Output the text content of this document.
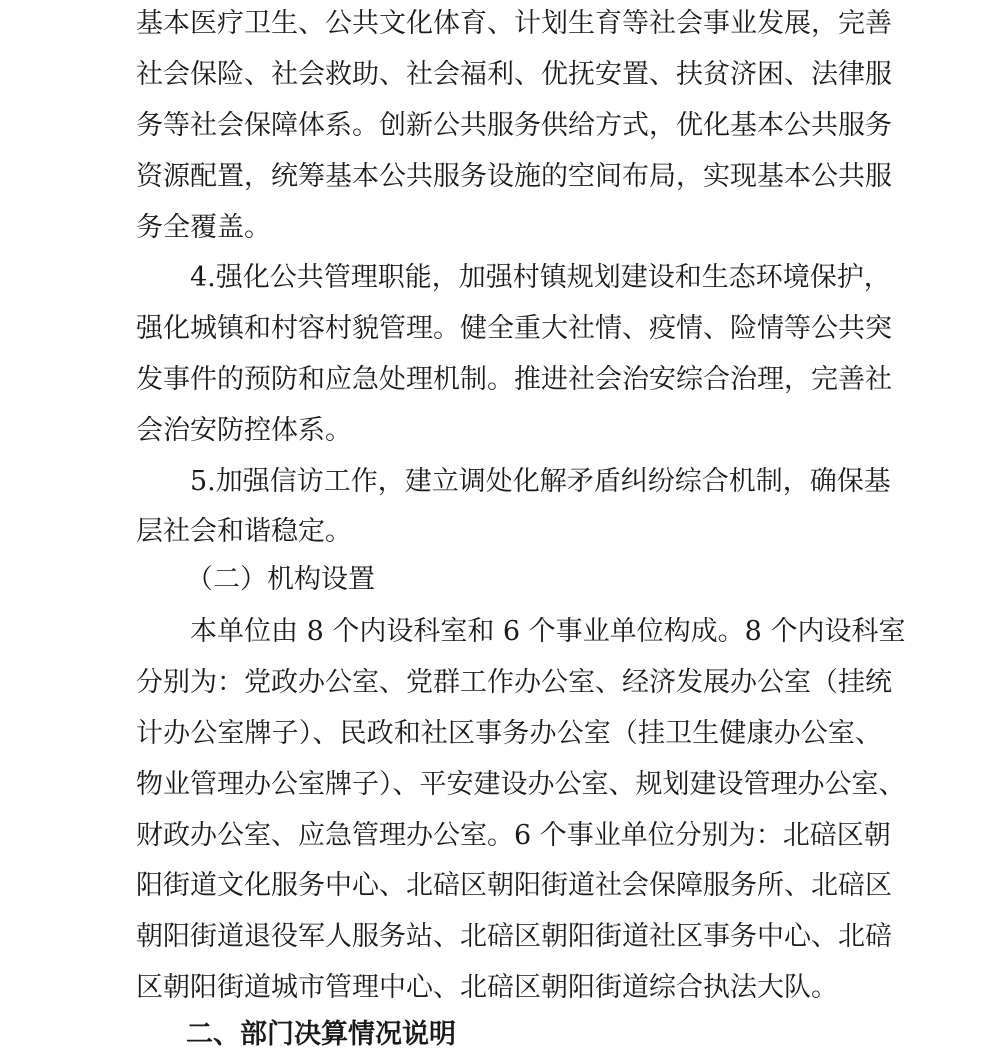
基本医疗卫生、公共文化体育、计划生育等社会事业发展，完善
社会保险、社会救助、社会福利、优抚安置、扶贫济困、法律服
务等社会保障体系。创新公共服务供给方式，优化基本公共服务
资源配置，统筹基本公共服务设施的空间布局，实现基本公共服
务全覆盖。
4.强化公共管理职能，加强村镇规划建设和生态环境保护，
强化城镇和村容村貌管理。健全重大社情、疫情、险情等公共突
发事件的预防和应急处理机制。推进社会治安综合治理，完善社
会治安防控体系。
5.加强信访工作，建立调处化解矛盾纠纷综合机制，确保基
层社会和谐稳定。
（二）机构设置
本单位由 8 个内设科室和 6 个事业单位构成。8 个内设科室
分别为：党政办公室、党群工作办公室、经济发展办公室（挂统
计办公室牌子）、民政和社区事务办公室（挂卫生健康办公室、
物业管理办公室牌子）、平安建设办公室、规划建设管理办公室、
财政办公室、应急管理办公室。6 个事业单位分别为：北碚区朝
阳街道文化服务中心、北碚区朝阳街道社会保障服务所、北碚区
朝阳街道退役军人服务站、北碚区朝阳街道社区事务中心、北碚
区朝阳街道城市管理中心、北碚区朝阳街道综合执法大队。
二、部门决算情况说明
